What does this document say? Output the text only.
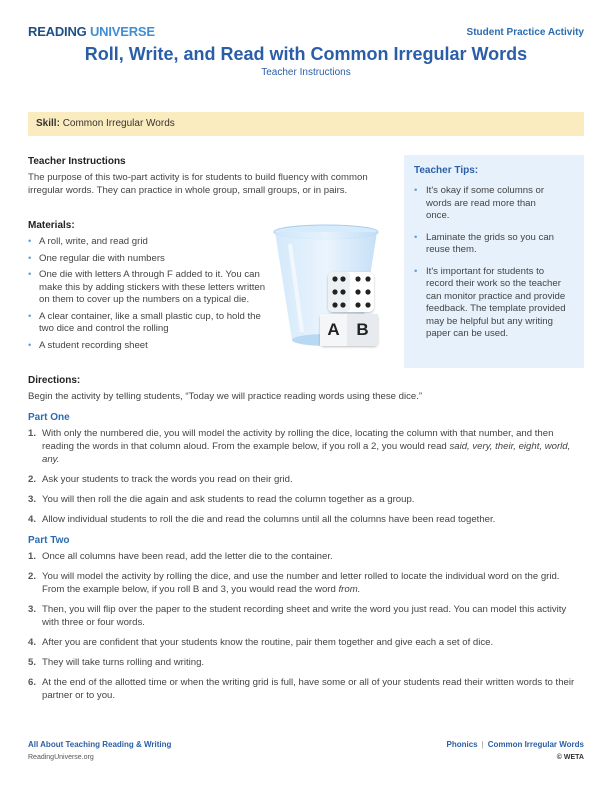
READING UNIVERSE	Student Practice Activity
Roll, Write, and Read with Common Irregular Words
Teacher Instructions
Skill: Common Irregular Words
Teacher Instructions
The purpose of this two-part activity is for students to build fluency with common irregular words. They can practice in whole group, small groups, or in pairs.
Materials:
• A roll, write, and read grid
• One regular die with numbers
• One die with letters A through F added to it. You can make this by adding stickers with these letters written on them to cover up the numbers on a typical die.
• A clear container, like a small plastic cup, to hold the two dice and control the rolling
• A student recording sheet
A B
Teacher Tips:
• It's okay if some columns or words are read more than once.
• Laminate the grids so you can reuse them.
• It's important for students to record their work so the teacher can monitor practice and provide feedback. The template provided may be helpful but any writing paper can be used.
Directions:
Begin the activity by telling students, “Today we will practice reading words using these dice.”
Part One
1. With only the numbered die, you will model the activity by rolling the dice, locating the column with that number, and then reading the words in that column aloud. From the example below, if you roll a 2, you would read said, very, their, eight, world, any.
2. Ask your students to track the words you read on their grid.
3. You will then roll the die again and ask students to read the column together as a group.
4. Allow individual students to roll the die and read the columns until all the columns have been read together.
Part Two
1. Once all columns have been read, add the letter die to the container.
2. You will model the activity by rolling the dice, and use the number and letter rolled to locate the individual word on the grid. From the example below, if you roll B and 3, you would read the word from.
3. Then, you will flip over the paper to the student recording sheet and write the word you just read. You can model this activity with three or four words.
4. After you are confident that your students know the routine, pair them together and give each a set of dice.
5. They will take turns rolling and writing.
6. At the end of the allotted time or when the writing grid is full, have some or all of your students read their written words to their partner or to you.
All About Teaching Reading & Writing
ReadingUniverse.org
Phonics | Common Irregular Words
© WETA
